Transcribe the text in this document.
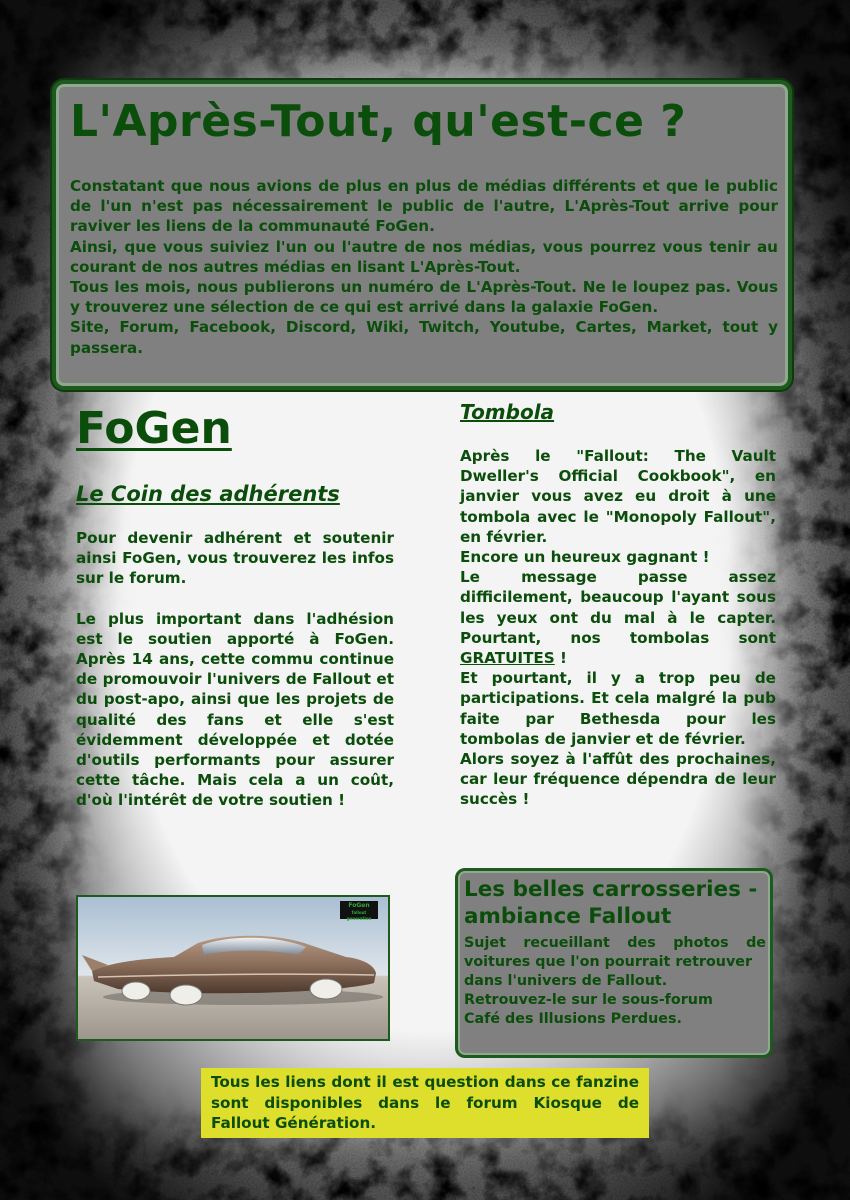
L'Après-Tout, qu'est-ce ?

Constatant que nous avions de plus en plus de médias différents et que le public de l'un n'est pas nécessairement le public de l'autre, L'Après-Tout arrive pour raviver les liens de la communauté FoGen.

Ainsi, que vous suiviez l'un ou l'autre de nos médias, vous pourrez vous tenir au courant de nos autres médias en lisant L'Après-Tout.

Tous les mois, nous publierons un numéro de L'Après-Tout. Ne le loupez pas. Vous y trouverez une sélection de ce qui est arrivé dans la galaxie FoGen.

Site, Forum, Facebook, Discord, Wiki, Twitch, Youtube, Cartes, Market, tout y passera.

FoGen
Le Coin des adhérents

Pour devenir adhérent et soutenir ainsi FoGen, vous trouverez les infos sur le forum.

Le plus important dans l'adhésion est le soutien apporté à FoGen. Après 14 ans, cette commu continue de promouvoir l'univers de Fallout et du post-apo, ainsi que les projets de qualité des fans et elle s'est évidemment développée et dotée d'outils performants pour assurer cette tâche. Mais cela a un coût, d'où l'intérêt de votre soutien !

Tombola

Après le "Fallout: The Vault Dweller's Official Cookbook", en janvier vous avez eu droit à une tombola avec le "Monopoly Fallout", en février.

Encore un heureux gagnant !

Le message passe assez difficilement, beaucoup l'ayant sous les yeux ont du mal à le capter. Pourtant, nos tombolas sont GRATUITES !

Et pourtant, il y a trop peu de participations. Et cela malgré la pub faite par Bethesda pour les tombolas de janvier et de février.

Alors soyez à l'affût des prochaines, car leur fréquence dépendra de leur succès !

FoGen
fallout generation
Les belles carrosseries - ambiance Fallout

Sujet recueillant des photos de voitures que l'on pourrait retrouver

dans l'univers de Fallout.

Retrouvez-le sur le sous-forum

Café des Illusions Perdues.

Tous les liens dont il est question dans ce fanzine sont disponibles dans le forum Kiosque de Fallout Génération.
